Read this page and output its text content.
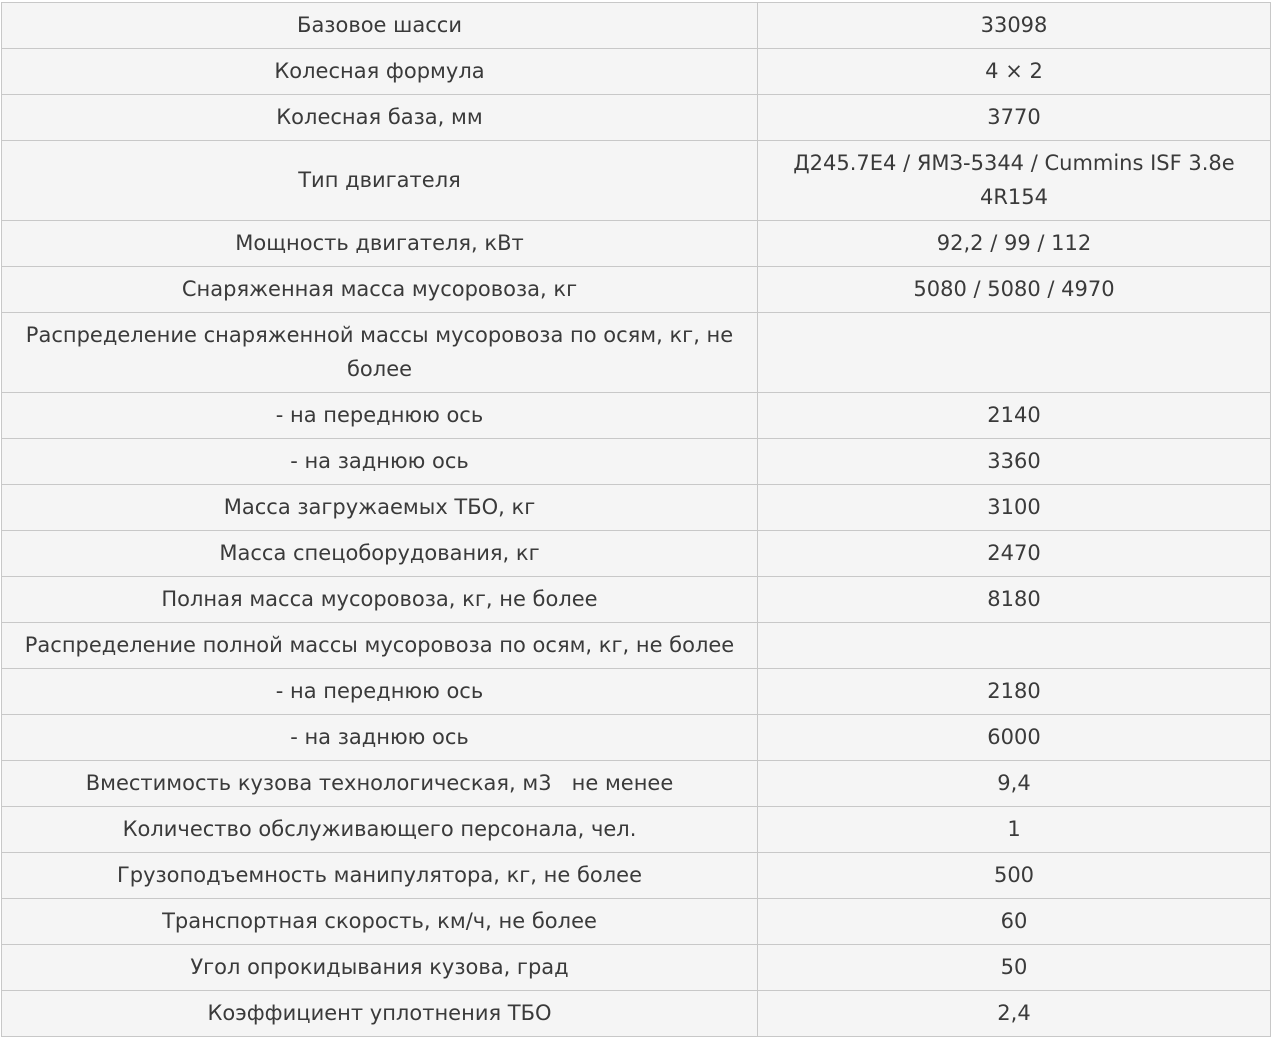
Базовое шасси	33098
Колесная формула	4 × 2
Колесная база, мм	3770
Тип двигателя	Д245.7Е4 / ЯМЗ-5344 / Cummins ISF 3.8e 4R154
Мощность двигателя, кВт	92,2 / 99 / 112
Снаряженная масса мусоровоза, кг	5080 / 5080 / 4970
Распределение снаряженной массы мусоровоза по осям, кг, не более	
- на переднюю ось	2140
- на заднюю ось	3360
Масса загружаемых ТБО, кг	3100
Масса спецоборудования, кг	2470
Полная масса мусоровоза, кг, не более	8180
Распределение полной массы мусоровоза по осям, кг, не более	
- на переднюю ось	2180
- на заднюю ось	6000
Вместимость кузова технологическая, м3   не менее	9,4
Количество обслуживающего персонала, чел.	1
Грузоподъемность манипулятора, кг, не более	500
Транспортная скорость, км/ч, не более	60
Угол опрокидывания кузова, град	50
Коэффициент уплотнения ТБО	2,4
